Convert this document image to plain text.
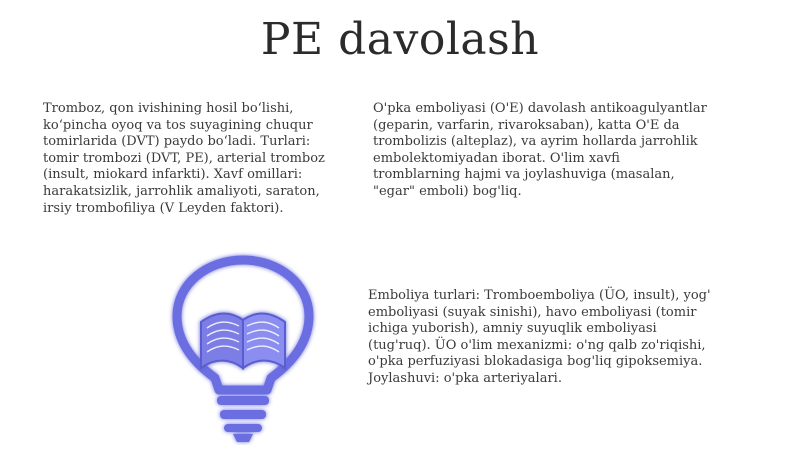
PE davolash
Tromboz, qon ivishining hosil bo‘lishi,
ko‘pincha oyoq va tos suyagining chuqur
tomirlarida (DVT) paydo bo‘ladi. Turlari:
tomir trombozi (DVT, PE), arterial tromboz
(insult, miokard infarkti). Xavf omillari:
harakatsizlik, jarrohlik amaliyoti, saraton,
irsiy trombofiliya (V Leyden faktori).
O'pka emboliyasi (O'E) davolash antikoagulyantlar
(geparin, varfarin, rivaroksaban), katta O'E da
trombolizis (alteplaz), va ayrim hollarda jarrohlik
embolektomiyadan iborat. O'lim xavfi
tromblarning hajmi va joylashuviga (masalan,
"egar" emboli) bog'liq.
Emboliya turlari: Tromboemboliya (ÜO, insult), yog'
emboliyasi (suyak sinishi), havo emboliyasi (tomir
ichiga yuborish), amniy suyuqlik emboliyasi
(tug'ruq). ÜO o'lim mexanizmi: o'ng qalb zo'riqishi,
o'pka perfuziyasi blokadasiga bog'liq gipoksemiya.
Joylashuvi: o'pka arteriyalari.
